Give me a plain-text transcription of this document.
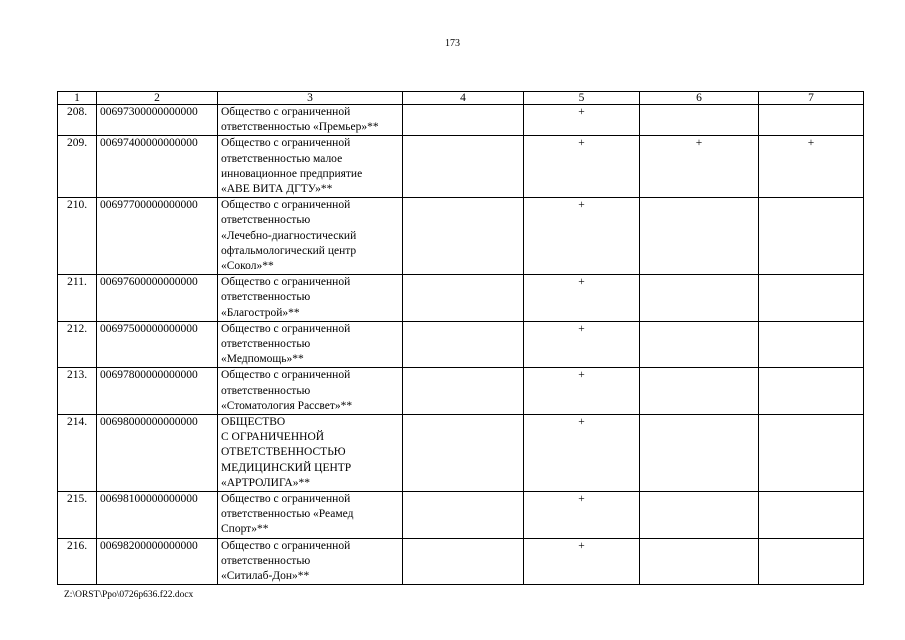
173
1	2	3	4	5	6	7
208.	00697300000000000	Общество с ограниченной
ответственностью «Премьер»**		+		
209.	00697400000000000	Общество с ограниченной
ответственностью малое
инновационное предприятие
«АВЕ ВИТА ДГТУ»**		+	+	+
210.	00697700000000000	Общество с ограниченной
ответственностью
«Лечебно-диагностический
офтальмологический центр
«Сокол»**		+		
211.	00697600000000000	Общество с ограниченной
ответственностью
«Благострой»**		+		
212.	00697500000000000	Общество с ограниченной
ответственностью
«Медпомощь»**		+		
213.	00697800000000000	Общество с ограниченной
ответственностью
«Стоматология Рассвет»**		+		
214.	00698000000000000	ОБЩЕСТВО
С ОГРАНИЧЕННОЙ
ОТВЕТСТВЕННОСТЬЮ
МЕДИЦИНСКИЙ ЦЕНТР
«АРТРОЛИГА»**		+		
215.	00698100000000000	Общество с ограниченной
ответственностью «Реамед
Спорт»**		+		
216.	00698200000000000	Общество с ограниченной
ответственностью
«Ситилаб-Дон»**		+		
Z:\ORST\Ppo\0726p636.f22.docx
